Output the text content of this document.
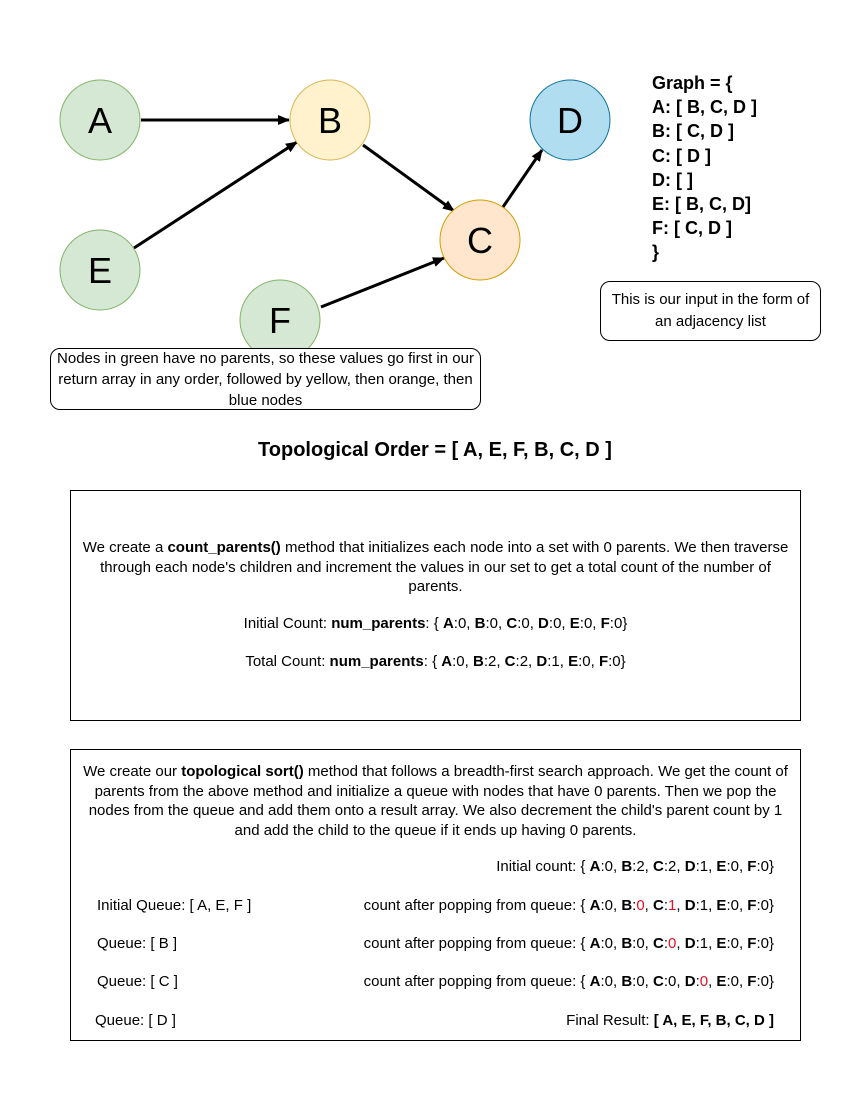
A	B
C
D
E
F
Graph = {
A: [ B, C, D ]
B: [ C, D ]
C: [ D ]
D: [ ]
E: [ B, C, D]
F: [ C, D ]
}
This is our input in the form of an adjacency list
Nodes in green have no parents, so these values go first in our return array in any order, followed by yellow, then orange, then blue nodes
Topological Order = [ A, E, F, B, C, D ]
We create a count_parents() method that initializes each node into a set with 0 parents. We then traverse through each node's children and increment the values in our set to get a total count of the number of parents.
Initial Count: num_parents: { A:0, B:0, C:0, D:0, E:0, F:0}
Total Count: num_parents: { A:0, B:2, C:2, D:1, E:0, F:0}
We create our topological sort() method that follows a breadth-first search approach. We get the count of parents from the above method and initialize a queue with nodes that have 0 parents. Then we pop the nodes from the queue and add them onto a result array. We also decrement the child's parent count by 1 and add the child to the queue if it ends up having 0 parents.
Initial count: { A:0, B:2, C:2, D:1, E:0, F:0}
Initial Queue: [ A, E, F ]	count after popping from queue: { A:0, B:0, C:1, D:1, E:0, F:0}
Queue: [ B ]	count after popping from queue: { A:0, B:0, C:0, D:1, E:0, F:0}
Queue: [ C ]	count after popping from queue: { A:0, B:0, C:0, D:0, E:0, F:0}
Queue: [ D ]	Final Result: [ A, E, F, B, C, D ]
